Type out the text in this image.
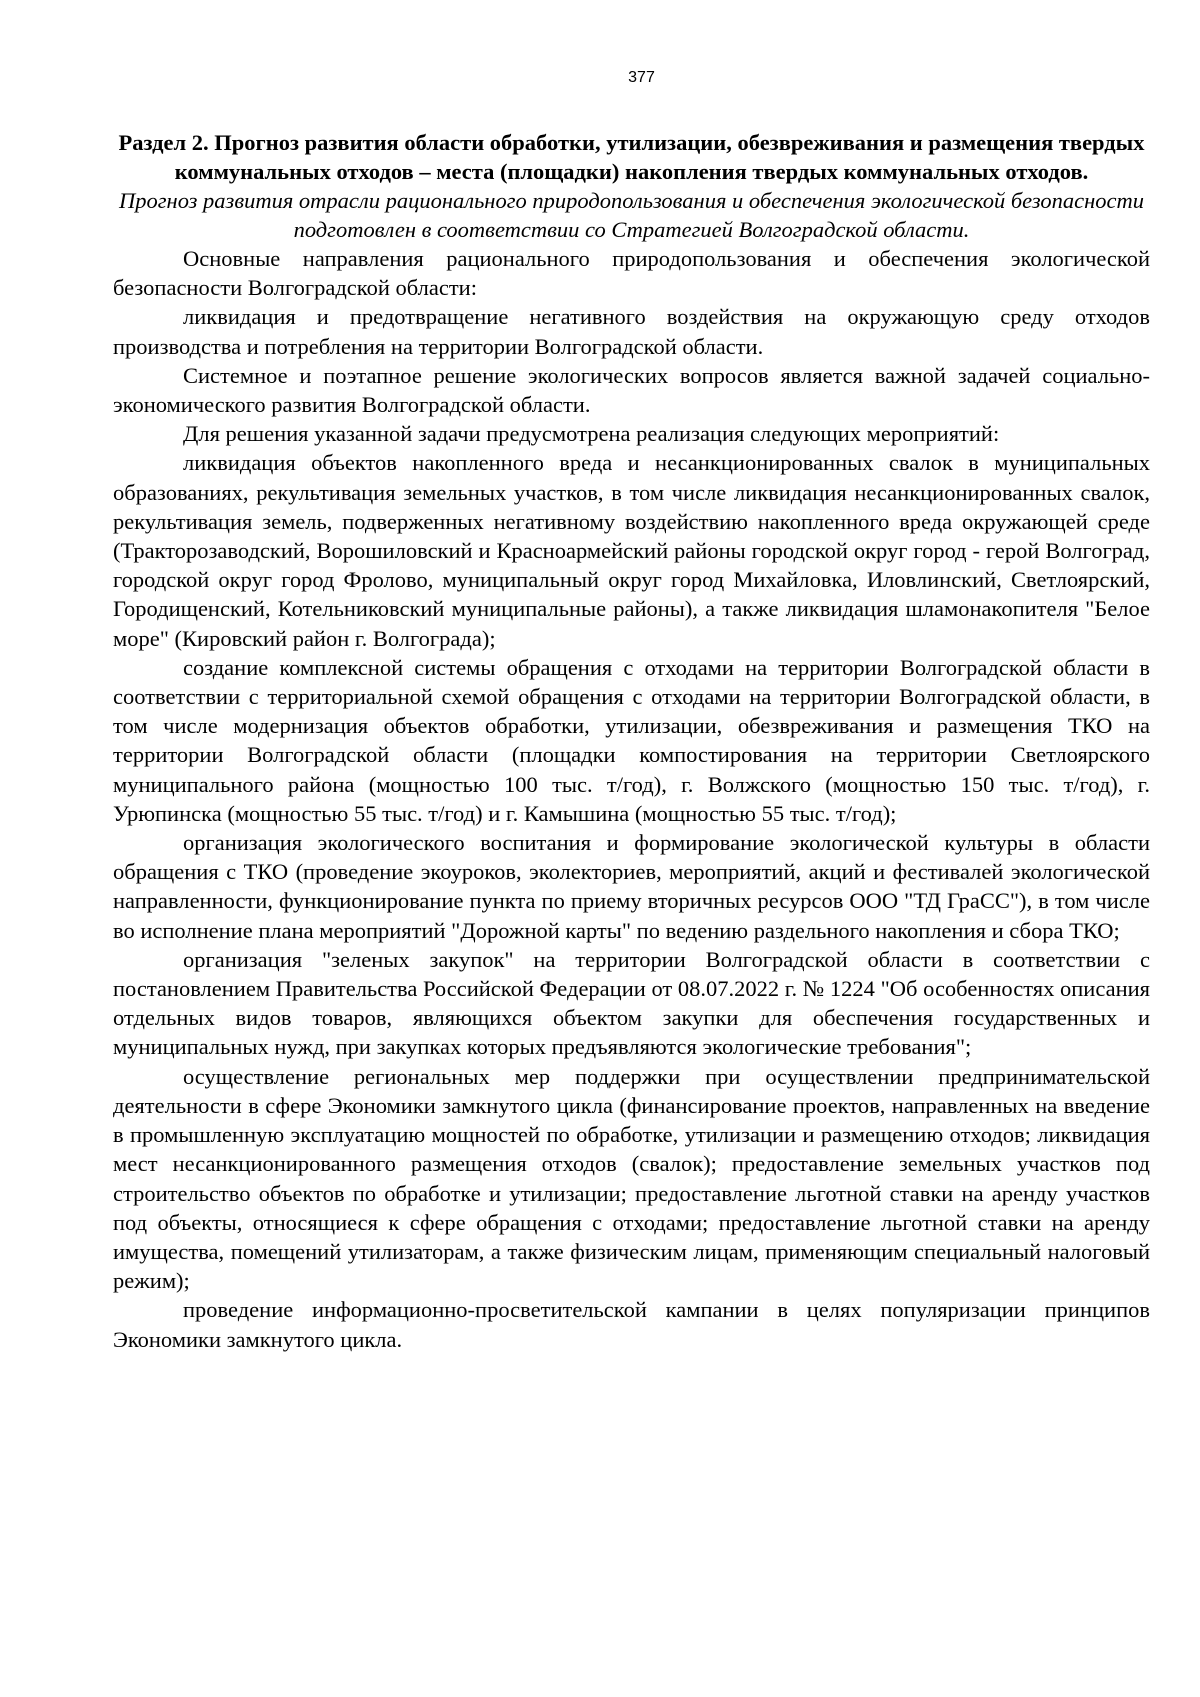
377

Раздел 2. Прогноз развития области обработки, утилизации, обезвреживания и размещения твердых коммунальных отходов – места (площадки) накопления твердых коммунальных отходов.

Прогноз развития отрасли рационального природопользования и обеспечения экологической безопасности подготовлен в соответствии со Стратегией Волгоградской области.

Основные направления рационального природопользования и обеспечения экологической безопасности Волгоградской области:

ликвидация и предотвращение негативного воздействия на окружающую среду отходов производства и потребления на территории Волгоградской области.

Системное и поэтапное решение экологических вопросов является важной задачей социально-экономического развития Волгоградской области.

Для решения указанной задачи предусмотрена реализация следующих мероприятий:

ликвидация объектов накопленного вреда и несанкционированных свалок в муниципальных образованиях, рекультивация земельных участков, в том числе ликвидация несанкционированных свалок, рекультивация земель, подверженных негативному воздействию накопленного вреда окружающей среде (Тракторозаводский, Ворошиловский и Красноармейский районы городской округ город - герой Волгоград, городской округ город Фролово, муниципальный округ город Михайловка, Иловлинский, Светлоярский, Городищенский, Котельниковский муниципальные районы), а также ликвидация шламонакопителя "Белое море" (Кировский район г. Волгограда);

создание комплексной системы обращения с отходами на территории Волгоградской области в соответствии с территориальной схемой обращения с отходами на территории Волгоградской области, в том числе модернизация объектов обработки, утилизации, обезвреживания и размещения ТКО на территории Волгоградской области (площадки компостирования на территории Светлоярского муниципального района (мощностью 100 тыс. т/год), г. Волжского (мощностью 150 тыс. т/год), г. Урюпинска (мощностью 55 тыс. т/год) и г. Камышина (мощностью 55 тыс. т/год);

организация экологического воспитания и формирование экологической культуры в области обращения с ТКО (проведение экоуроков, эколекториев, мероприятий, акций и фестивалей экологической направленности, функционирование пункта по приему вторичных ресурсов ООО "ТД ГраСС"), в том числе во исполнение плана мероприятий "Дорожной карты" по ведению раздельного накопления и сбора ТКО;

организация "зеленых закупок" на территории Волгоградской области в соответствии с постановлением Правительства Российской Федерации от 08.07.2022 г. № 1224 "Об особенностях описания отдельных видов товаров, являющихся объектом закупки для обеспечения государственных и муниципальных нужд, при закупках которых предъявляются экологические требования";

осуществление региональных мер поддержки при осуществлении предпринимательской деятельности в сфере Экономики замкнутого цикла (финансирование проектов, направленных на введение в промышленную эксплуатацию мощностей по обработке, утилизации и размещению отходов; ликвидация мест несанкционированного размещения отходов (свалок); предоставление земельных участков под строительство объектов по обработке и утилизации; предоставление льготной ставки на аренду участков под объекты, относящиеся к сфере обращения с отходами; предоставление льготной ставки на аренду имущества, помещений утилизаторам, а также физическим лицам, применяющим специальный налоговый режим);

проведение информационно-просветительской кампании в целях популяризации принципов Экономики замкнутого цикла.
